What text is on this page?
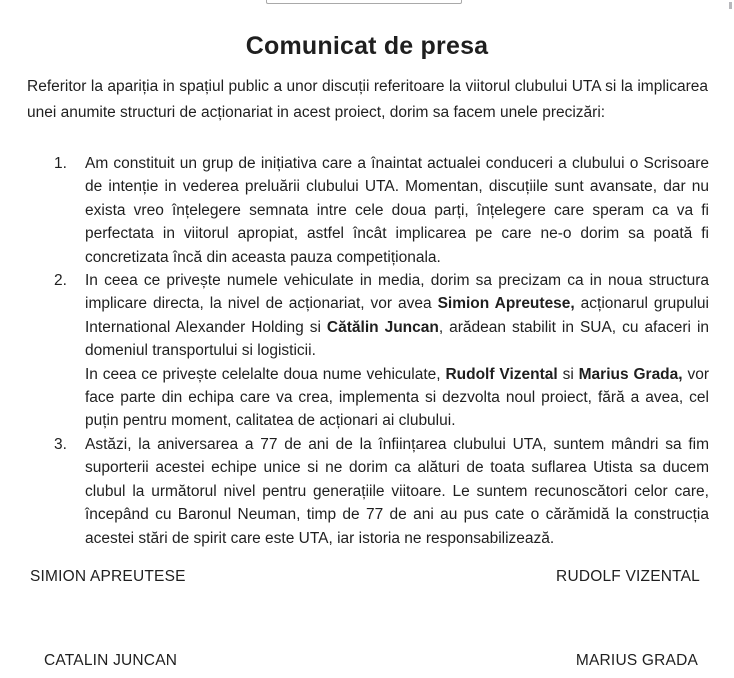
Comunicat de presa

Referitor la apariția in spațiul public a unor discuții referitoare la viitorul clubului UTA si la implicarea unei anumite structuri de acționariat in acest proiect, dorim sa facem unele precizări:

1. Am constituit un grup de inițiativa care a înaintat actualei conduceri a clubului o Scrisoare de intenție in vederea preluării clubului UTA. Momentan, discuțiile sunt avansate, dar nu exista vreo înțelegere semnata intre cele doua parți, înțelegere care speram ca va fi perfectata in viitorul apropiat, astfel încât implicarea pe care ne-o dorim sa poată fi concretizata încă din aceasta pauza competiționala.

2. In ceea ce privește numele vehiculate in media, dorim sa precizam ca in noua structura implicare directa, la nivel de acționariat, vor avea Simion Apreutese, acționarul grupului International Alexander Holding si Cătălin Juncan, arădean stabilit in SUA, cu afaceri in domeniul transportului si logisticii.

In ceea ce privește celelalte doua nume vehiculate, Rudolf Vizental si Marius Grada, vor face parte din echipa care va crea, implementa si dezvolta noul proiect, fără a avea, cel puțin pentru moment, calitatea de acționari ai clubului.

3. Astăzi, la aniversarea a 77 de ani de la înființarea clubului UTA, suntem mândri sa fim suporterii acestei echipe unice si ne dorim ca alături de toata suflarea Utista sa ducem clubul la următorul nivel pentru generațiile viitoare. Le suntem recunoscători celor care, începând cu Baronul Neuman, timp de 77 de ani au pus cate o cărămidă la construcția acestei stări de spirit care este UTA, iar istoria ne responsabilizează.

SIMION APREUTESE	RUDOLF VIZENTAL
CATALIN JUNCAN	MARIUS GRADA
